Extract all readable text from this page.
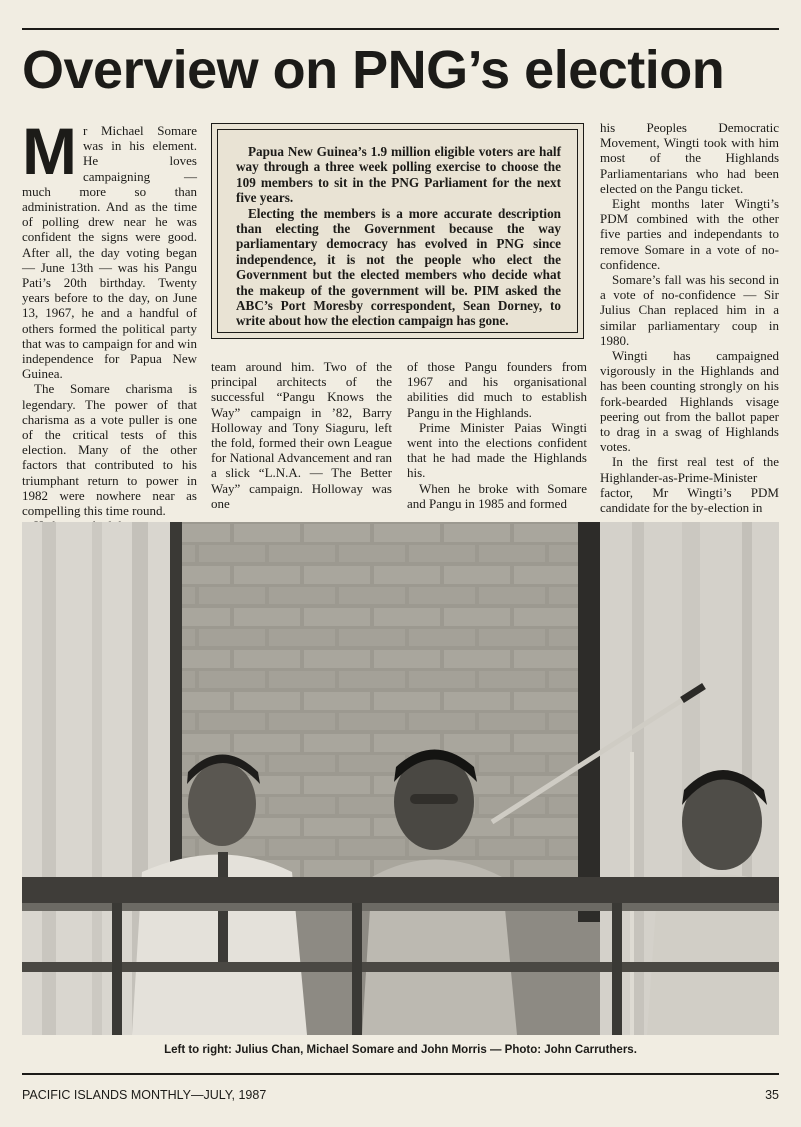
Overview on PNG’s election

Mr Michael Somare was in his element. He loves campaigning — much more so than administration. And as the time of polling drew near he was confident the signs were good. After all, the day voting began — June 13th — was his Pangu Pati’s 20th birthday. Twenty years before to the day, on June 13, 1967, he and a handful of others formed the political party that was to campaign for and win independence for Papua New Guinea.

The Somare charisma is legendary. The power of that charisma as a vote puller is one of the critical tests of this election. Many of the other factors that contributed to his triumphant return to power in 1982 were nowhere near as compelling this time round.

Papua New Guinea’s 1.9 million eligible voters are half way through a three week polling exercise to choose the 109 members to sit in the PNG Parliament for the next five years.

Electing the members is a more accurate description than electing the Government because the way parliamentary democracy has evolved in PNG since independence, it is not the people who elect the Government but the elected members who decide what the makeup of the government will be. PIM asked the ABC’s Port Moresby correspondent, Sean Dorney, to write about how the election campaign has gone.

team around him. Two of the principal architects of the successful “Pangu Knows the Way” campaign in ’82, Barry Holloway and Tony Siaguru, left the fold, formed their own League for National Advancement and ran a slick “L.N.A. — The Better Way” campaign. Holloway was one

of those Pangu founders from 1967 and his organisational abilities did much to establish Pangu in the Highlands.

Prime Minister Paias Wingti went into the elections confident that he had made the Highlands his.

When he broke with Somare and Pangu in 1985 and formed

his Peoples Democratic Movement, Wingti took with him most of the Highlands Parliamentarians who had been elected on the Pangu ticket.

Eight months later Wingti’s PDM combined with the other five parties and independants to remove Somare in a vote of no-confidence.

Somare’s fall was his second in a vote of no-confidence — Sir Julius Chan replaced him in a similar parliamentary coup in 1980.

Wingti has campaigned vigorously in the Highlands and has been counting strongly on his fork-bearded Highlands visage peering out from the ballot paper to drag in a swag of Highlands votes.

In the first real test of the Highlander-as-Prime-Minister factor, Mr Wingti’s PDM candidate for the by-election in

Left to right: Julius Chan, Michael Somare and John Morris — Photo: John Carruthers.
PACIFIC ISLANDS MONTHLY—JULY, 1987	35
